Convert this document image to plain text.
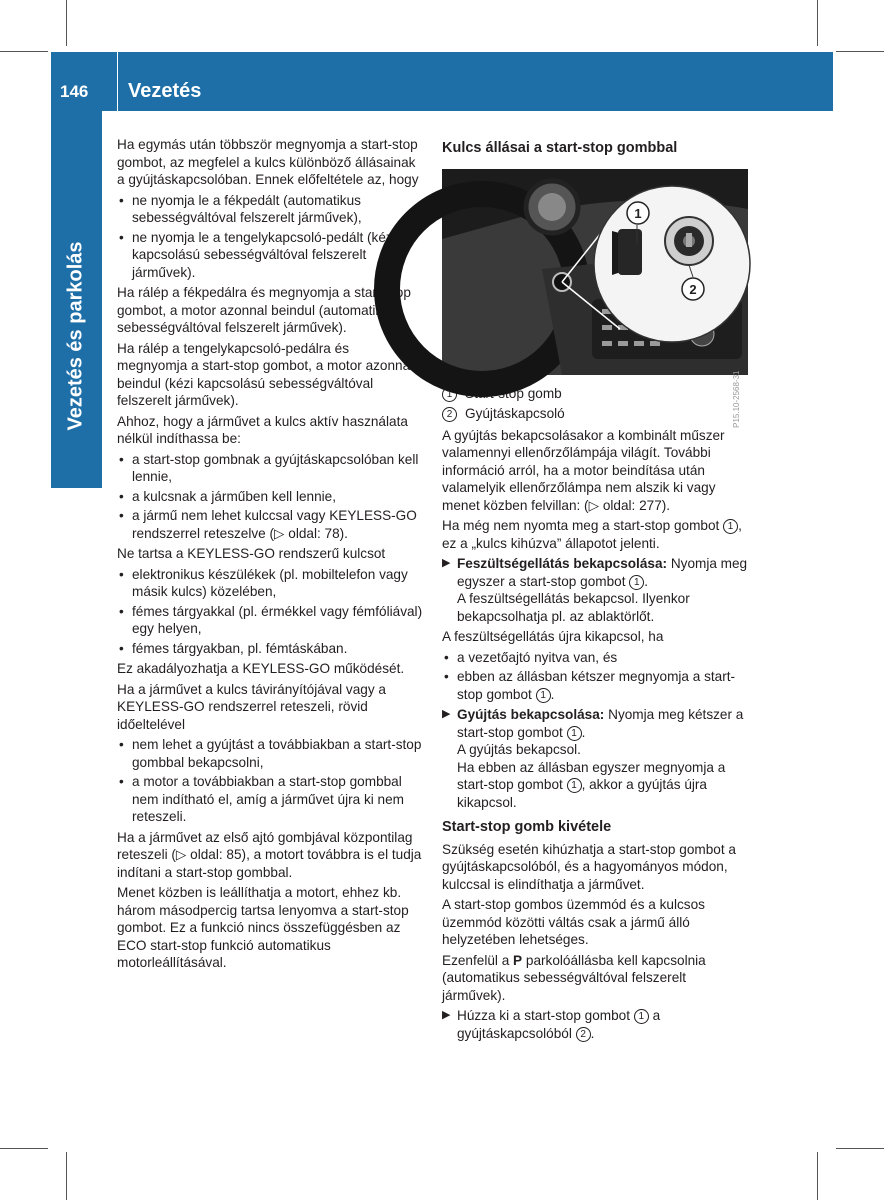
146 Vezetés
Vezetés és parkolás

Ha egymás után többször megnyomja a start-stop gombot, az megfelel a kulcs különböző állásainak a gyújtáskapcsolóban. Ennek előfeltétele az, hogy

• ne nyomja le a fékpedált (automatikus sebességváltóval felszerelt járművek),
• ne nyomja le a tengelykapcsoló-pedált (kézi kapcsolású sebességváltóval felszerelt járművek).

Ha rálép a fékpedálra és megnyomja a start-stop gombot, a motor azonnal beindul (automatikus sebességváltóval felszerelt járművek).

Ha rálép a tengelykapcsoló-pedálra és megnyomja a start-stop gombot, a motor azonnal beindul (kézi kapcsolású sebességváltóval felszerelt járművek).

Ahhoz, hogy a járművet a kulcs aktív használata nélkül indíthassa be:

• a start-stop gombnak a gyújtáskapcsolóban kell lennie,
• a kulcsnak a járműben kell lennie,
• a jármű nem lehet kulccsal vagy KEYLESS-GO rendszerrel reteszelve (▷ oldal: 78).

Ne tartsa a KEYLESS-GO rendszerű kulcsot

• elektronikus készülékek (pl. mobiltelefon vagy másik kulcs) közelében,
• fémes tárgyakkal (pl. érmékkel vagy fémfóliával) egy helyen,
• fémes tárgyakban, pl. fémtáskában.

Ez akadályozhatja a KEYLESS-GO működését.

Ha a járművet a kulcs távirányítójával vagy a KEYLESS-GO rendszerrel reteszeli, rövid időeltelével

• nem lehet a gyújtást a továbbiakban a start-stop gombbal bekapcsolni,
• a motor a továbbiakban a start-stop gombbal nem indítható el, amíg a járművet újra ki nem reteszeli.

Ha a járművet az első ajtó gombjával központilag reteszeli (▷ oldal: 85), a motort továbbra is el tudja indítani a start-stop gombbal.

Menet közben is leállíthatja a motort, ehhez kb. három másodpercig tartsa lenyomva a start-stop gombot. Ez a funkció nincs összefüggésben az ECO start-stop funkció automatikus motorleállításával.

Kulcs állásai a start-stop gombbal
1
2
P15.10-2568-31
1 Start-stop gomb
2 Gyújtáskapcsoló

A gyújtás bekapcsolásakor a kombinált műszer valamennyi ellenőrzőlámpája világít. További információ arról, ha a motor beindítása után valamelyik ellenőrzőlámpa nem alszik ki vagy menet közben felvillan: (▷ oldal: 277).

Ha még nem nyomta meg a start-stop gombot 1 , ez a „kulcs kihúzva” állapotot jelenti.

▶ Feszültségellátás bekapcsolása: Nyomja meg egyszer a start-stop gombot 1 .
A feszültségellátás bekapcsol. Ilyenkor bekapcsolhatja pl. az ablaktörlőt.

A feszültségellátás újra kikapcsol, ha

• a vezetőajtó nyitva van, és
• ebben az állásban kétszer megnyomja a start-stop gombot 1 .
▶ Gyújtás bekapcsolása: Nyomja meg kétszer a start-stop gombot 1 .
A gyújtás bekapcsol.
Ha ebben az állásban egyszer megnyomja a start-stop gombot 1 , akkor a gyújtás újra kikapcsol.
Start-stop gomb kivétele

Szükség esetén kihúzhatja a start-stop gombot a gyújtáskapcsolóból, és a hagyományos módon, kulccsal is elindíthatja a járművet.

A start-stop gombos üzemmód és a kulcsos üzemmód közötti váltás csak a jármű álló helyzetében lehetséges.

Ezenfelül a P parkolóállásba kell kapcsolnia (automatikus sebességváltóval felszerelt járművek).

▶ Húzza ki a start-stop gombot 1 a gyújtáskapcsolóból 2 .
